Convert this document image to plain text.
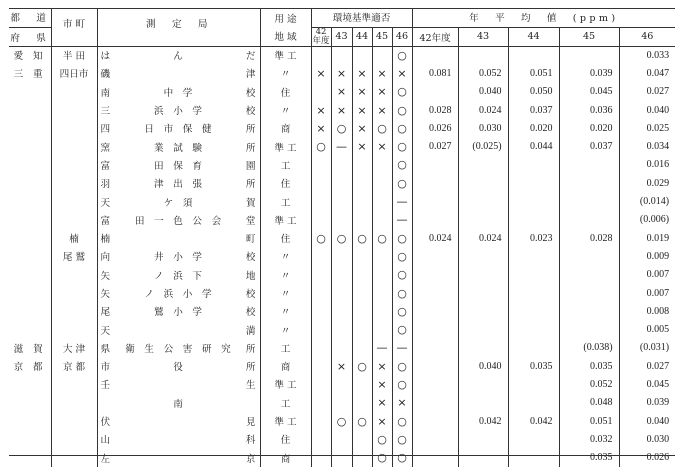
都　道	市 町	測　定　局	用 途	環境基準適否					年　平　均　値　(ppm)				
府　県			地 域	42年度	43	44	45	46	42年度	43	44	45	46
愛 知	半 田	は ん だ	準 工					○					0.033
三 重	四日市	磯 津	〃	×	×	×	×	×	0.081	0.052	0.051	0.039	0.047

		南 中　学 校	住		×	×	×	○		0.040	0.050	0.045	0.027

		三 浜　小　学 校	〃	×	×	×	×	○	0.028	0.024	0.037	0.036	0.040

		四 日　市　保　健 所	商	×	○	×	○	○	0.026	0.030	0.020	0.020	0.025

		窯 業　試　験 所	準 工	○	—	×	×	○	0.027	(0.025)	0.044	0.037	0.034

		富 田　保　育 園	工					○					0.016

		羽 津　出　張 所	住					○					0.029

		天 ケ　須 賀	工					—					(0.014)

		富 田　一　色　公　会 堂	準 工					—					(0.006)
	楠	楠 町	住	○	○	○	○	○	0.024	0.024	0.023	0.028	0.019
	尾 鷲	向 井　小　学 校	〃					○					0.009

		矢 ノ　浜　下 地	〃					○					0.007

		矢 ノ　浜　小　学 校	〃					○					0.007

		尾 鷲　小　学 校	〃					○					0.008

		天 満	〃					○					0.005
滋 賀	大 津	県 衛　生　公　害　研　究 所	工				—	—				(0.038)	(0.031)
京 都	京 都	市 役 所	商		×	○	×	○		0.040	0.035	0.035	0.027

		壬 生	準 工				×	○				0.052	0.045

		南	工				×	×				0.048	0.039

		伏 見	準 工		○	○	×	○		0.042	0.042	0.051	0.040

		山 科	住				○	○				0.032	0.030

		左 京	商				○	○				0.035	0.026
